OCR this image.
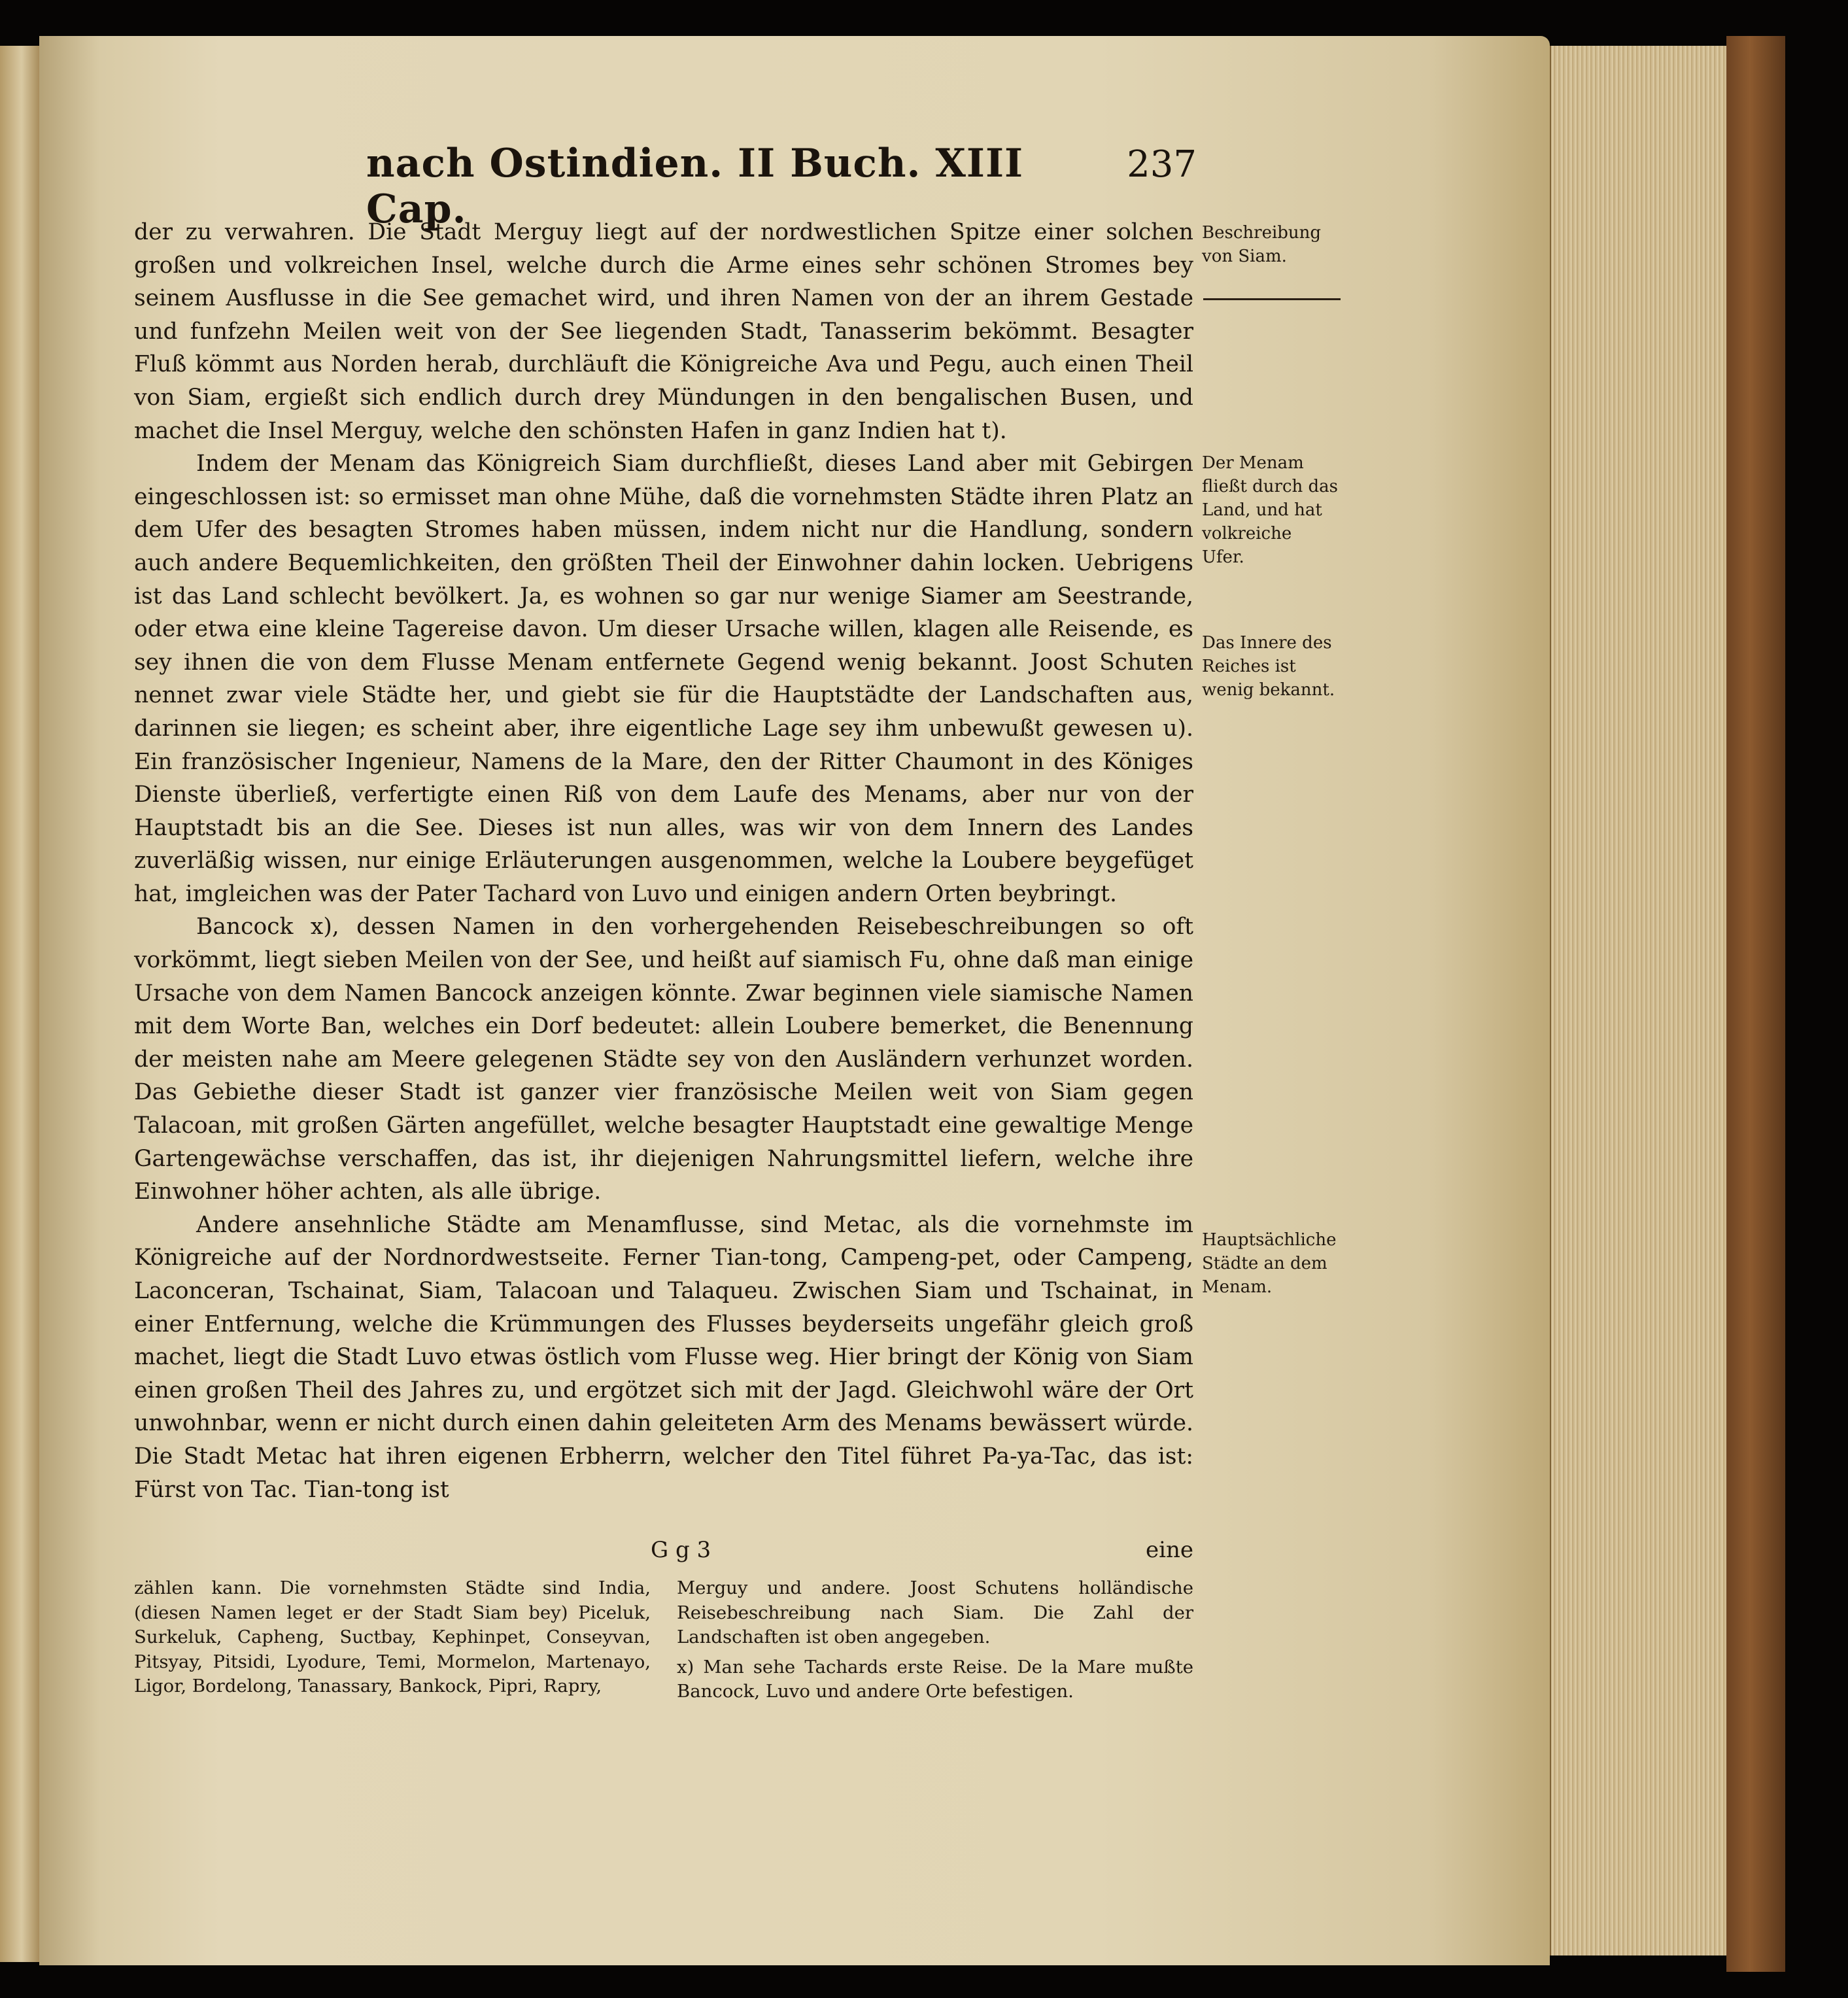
nach Ostindien. II Buch. XIII Cap.
237

der zu verwahren. Die Stadt Merguy liegt auf der nordwestlichen Spitze einer solchen großen und volkreichen Insel, welche durch die Arme eines sehr schönen Stromes bey seinem Ausflusse in die See gemachet wird, und ihren Namen von der an ihrem Gestade und funfzehn Meilen weit von der See liegenden Stadt, Tanasserim bekömmt. Besagter Fluß kömmt aus Norden herab, durchläuft die Königreiche Ava und Pegu, auch einen Theil von Siam, ergießt sich endlich durch drey Mündungen in den bengalischen Busen, und machet die Insel Merguy, welche den schönsten Hafen in ganz Indien hat t).

Indem der Menam das Königreich Siam durchfließt, dieses Land aber mit Gebirgen eingeschlossen ist: so ermisset man ohne Mühe, daß die vornehmsten Städte ihren Platz an dem Ufer des besagten Stromes haben müssen, indem nicht nur die Handlung, sondern auch andere Bequemlichkeiten, den größten Theil der Einwohner dahin locken. Uebrigens ist das Land schlecht bevölkert. Ja, es wohnen so gar nur wenige Siamer am Seestrande, oder etwa eine kleine Tagereise davon. Um dieser Ursache willen, klagen alle Reisende, es sey ihnen die von dem Flusse Menam entfernete Gegend wenig bekannt. Joost Schuten nennet zwar viele Städte her, und giebt sie für die Hauptstädte der Landschaften aus, darinnen sie liegen; es scheint aber, ihre eigentliche Lage sey ihm unbewußt gewesen u). Ein französischer Ingenieur, Namens de la Mare, den der Ritter Chaumont in des Königes Dienste überließ, verfertigte einen Riß von dem Laufe des Menams, aber nur von der Hauptstadt bis an die See. Dieses ist nun alles, was wir von dem Innern des Landes zuverläßig wissen, nur einige Erläuterungen ausgenommen, welche la Loubere beygefüget hat, imgleichen was der Pater Tachard von Luvo und einigen andern Orten beybringt.

Bancock x), dessen Namen in den vorhergehenden Reisebeschreibungen so oft vorkömmt, liegt sieben Meilen von der See, und heißt auf siamisch Fu, ohne daß man einige Ursache von dem Namen Bancock anzeigen könnte. Zwar beginnen viele siamische Namen mit dem Worte Ban, welches ein Dorf bedeutet: allein Loubere bemerket, die Benennung der meisten nahe am Meere gelegenen Städte sey von den Ausländern verhunzet worden. Das Gebiethe dieser Stadt ist ganzer vier französische Meilen weit von Siam gegen Talacoan, mit großen Gärten angefüllet, welche besagter Hauptstadt eine gewaltige Menge Gartengewächse verschaffen, das ist, ihr diejenigen Nahrungsmittel liefern, welche ihre Einwohner höher achten, als alle übrige.

Andere ansehnliche Städte am Menamflusse, sind Metac, als die vornehmste im Königreiche auf der Nordnordwestseite. Ferner Tian-tong, Campeng-pet, oder Campeng, Laconceran, Tschainat, Siam, Talacoan und Talaqueu. Zwischen Siam und Tschainat, in einer Entfernung, welche die Krümmungen des Flusses beyderseits ungefähr gleich groß machet, liegt die Stadt Luvo etwas östlich vom Flusse weg. Hier bringt der König von Siam einen großen Theil des Jahres zu, und ergötzet sich mit der Jagd. Gleichwohl wäre der Ort unwohnbar, wenn er nicht durch einen dahin geleiteten Arm des Menams bewässert würde. Die Stadt Metac hat ihren eigenen Erbherrn, welcher den Titel führet Pa-ya-Tac, das ist: Fürst von Tac. Tian-tong ist

Beschreibung von Siam.
Der Menam fließt durch das Land, und hat volkreiche Ufer.
Das Innere des Reiches ist wenig bekannt.
Hauptsächliche Städte an dem Menam.
G g 3	eine

zählen kann. Die vornehmsten Städte sind India, (diesen Namen leget er der Stadt Siam bey) Piceluk, Surkeluk, Capheng, Suctbay, Kephinpet, Conseyvan, Pitsyay, Pitsidi, Lyodure, Temi, Mormelon, Martenayo, Ligor, Bordelong, Tanassary, Bankock, Pipri, Rapry,

Merguy und andere. Joost Schutens holländische Reisebeschreibung nach Siam. Die Zahl der Landschaften ist oben angegeben.

x) Man sehe Tachards erste Reise. De la Mare mußte Bancock, Luvo und andere Orte befestigen.
